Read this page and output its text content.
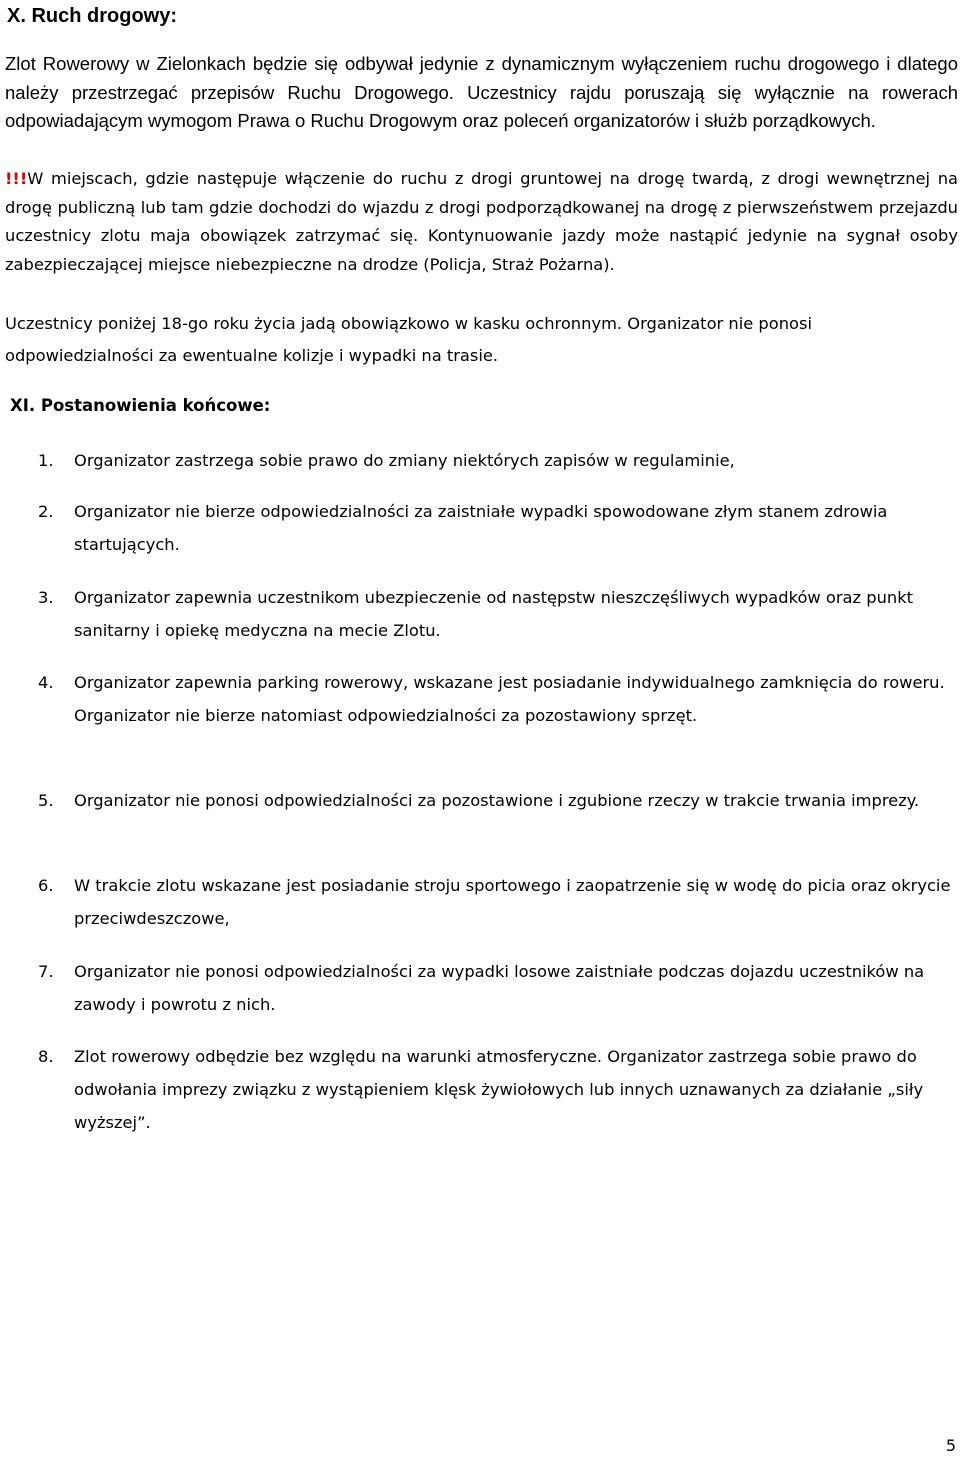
X. Ruch drogowy:

Zlot Rowerowy w Zielonkach będzie się odbywał jedynie z dynamicznym wyłączeniem ruchu drogowego i dlatego należy przestrzegać przepisów Ruchu Drogowego. Uczestnicy rajdu poruszają się wyłącznie na rowerach odpowiadającym wymogom Prawa o Ruchu Drogowym oraz poleceń organizatorów i służb porządkowych.

!!!W miejscach, gdzie następuje włączenie do ruchu z drogi gruntowej na drogę twardą, z drogi wewnętrznej na drogę publiczną lub tam gdzie dochodzi do wjazdu z drogi podporządkowanej na drogę z pierwszeństwem przejazdu uczestnicy zlotu maja obowiązek zatrzymać się. Kontynuowanie jazdy może nastąpić jedynie na sygnał osoby zabezpieczającej miejsce niebezpieczne na drodze (Policja, Straż Pożarna).

Uczestnicy poniżej 18-go roku życia jadą obowiązkowo w kasku ochronnym. Organizator nie ponosi odpowiedzialności za ewentualne kolizje i wypadki na trasie.

XI. Postanowienia końcowe:
1. Organizator zastrzega sobie prawo do zmiany niektórych zapisów w regulaminie,

2. Organizator nie bierze odpowiedzialności za zaistniałe wypadki spowodowane złym stanem zdrowia startujących.

3. Organizator zapewnia uczestnikom ubezpieczenie od następstw nieszczęśliwych wypadków oraz punkt sanitarny i opiekę medyczna na mecie Zlotu.

4. Organizator zapewnia parking rowerowy, wskazane jest posiadanie indywidualnego zamknięcia do roweru. Organizator nie bierze natomiast odpowiedzialności za pozostawiony sprzęt.

5. Organizator nie ponosi odpowiedzialności za pozostawione i zgubione rzeczy w trakcie trwania imprezy.

6. W trakcie zlotu wskazane jest posiadanie stroju sportowego i zaopatrzenie się w wodę do picia oraz okrycie przeciwdeszczowe,

7. Organizator nie ponosi odpowiedzialności za wypadki losowe zaistniałe podczas dojazdu uczestników na zawody i powrotu z nich.

8. Zlot rowerowy odbędzie bez względu na warunki atmosferyczne. Organizator zastrzega sobie prawo do odwołania imprezy związku z wystąpieniem klęsk żywiołowych lub innych uznawanych za działanie „siły wyższej”.

5
